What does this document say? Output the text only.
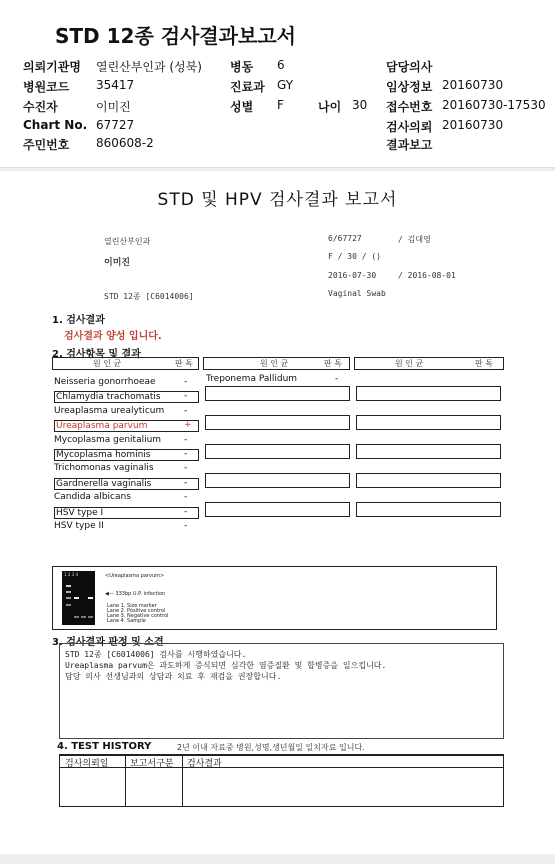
STD 12종 검사결과보고서
의뢰기관명 열린산부인과 (성북) 병동 6	담당의사
병원코드 35417	진료과 GY	임상정보 20160730
수진자	이미진	성별 F	나이 30 접수번호 20160730-17530
Chart No. 67727	검사의뢰 20160730
주민번호 860608-2	결과보고
STD 및 HPV 검사결과 보고서
열린산부인과
이미진
STD 12종 [C6014006]
6/67727	/ 김대영
F / 30 / ()
2016-07-30	/ 2016-08-01
Vaginal Swab
1. 검사결과
검사결과 양성 입니다.
2. 검사항목 및 결과
원 인 균	판 독	원 인 균	판 독	원 인 균	판 독
Neisseria gonorrhoeae	-
Chlamydia trachomatis	-
Ureaplasma urealyticum -
Ureaplasma parvum	+
Mycoplasma genitalium	-
Mycoplasma hominis	-
Trichomonas vaginalis	-
Gardnerella vaginalis	-
Candida albicans	-
HSV type I	-
HSV type II	-
Treponema Pallidum	-
1 2 3 4	<Ureaplasma parvum>
◀— 333bp U.P. infection
Lane 1. Size marker
Lane 2. Positive control
Lane 3. Negative control
Lane 4. Sample
3. 검사결과 판정 및 소견
STD 12종 [C6014006] 검사를 시행하였습니다.
Ureaplasma parvum은 과도하게 증식되면 심각한 염증질환 및 합병증을 일으킵니다.
담당 의사 선생님과의 상담과 치료 후 재검을 권장합니다.
4. TEST HISTORY	2년 이내 자료중 병원,성명,생년월일 일치자료 입니다.
검사의뢰일 보고서구분 검사결과
